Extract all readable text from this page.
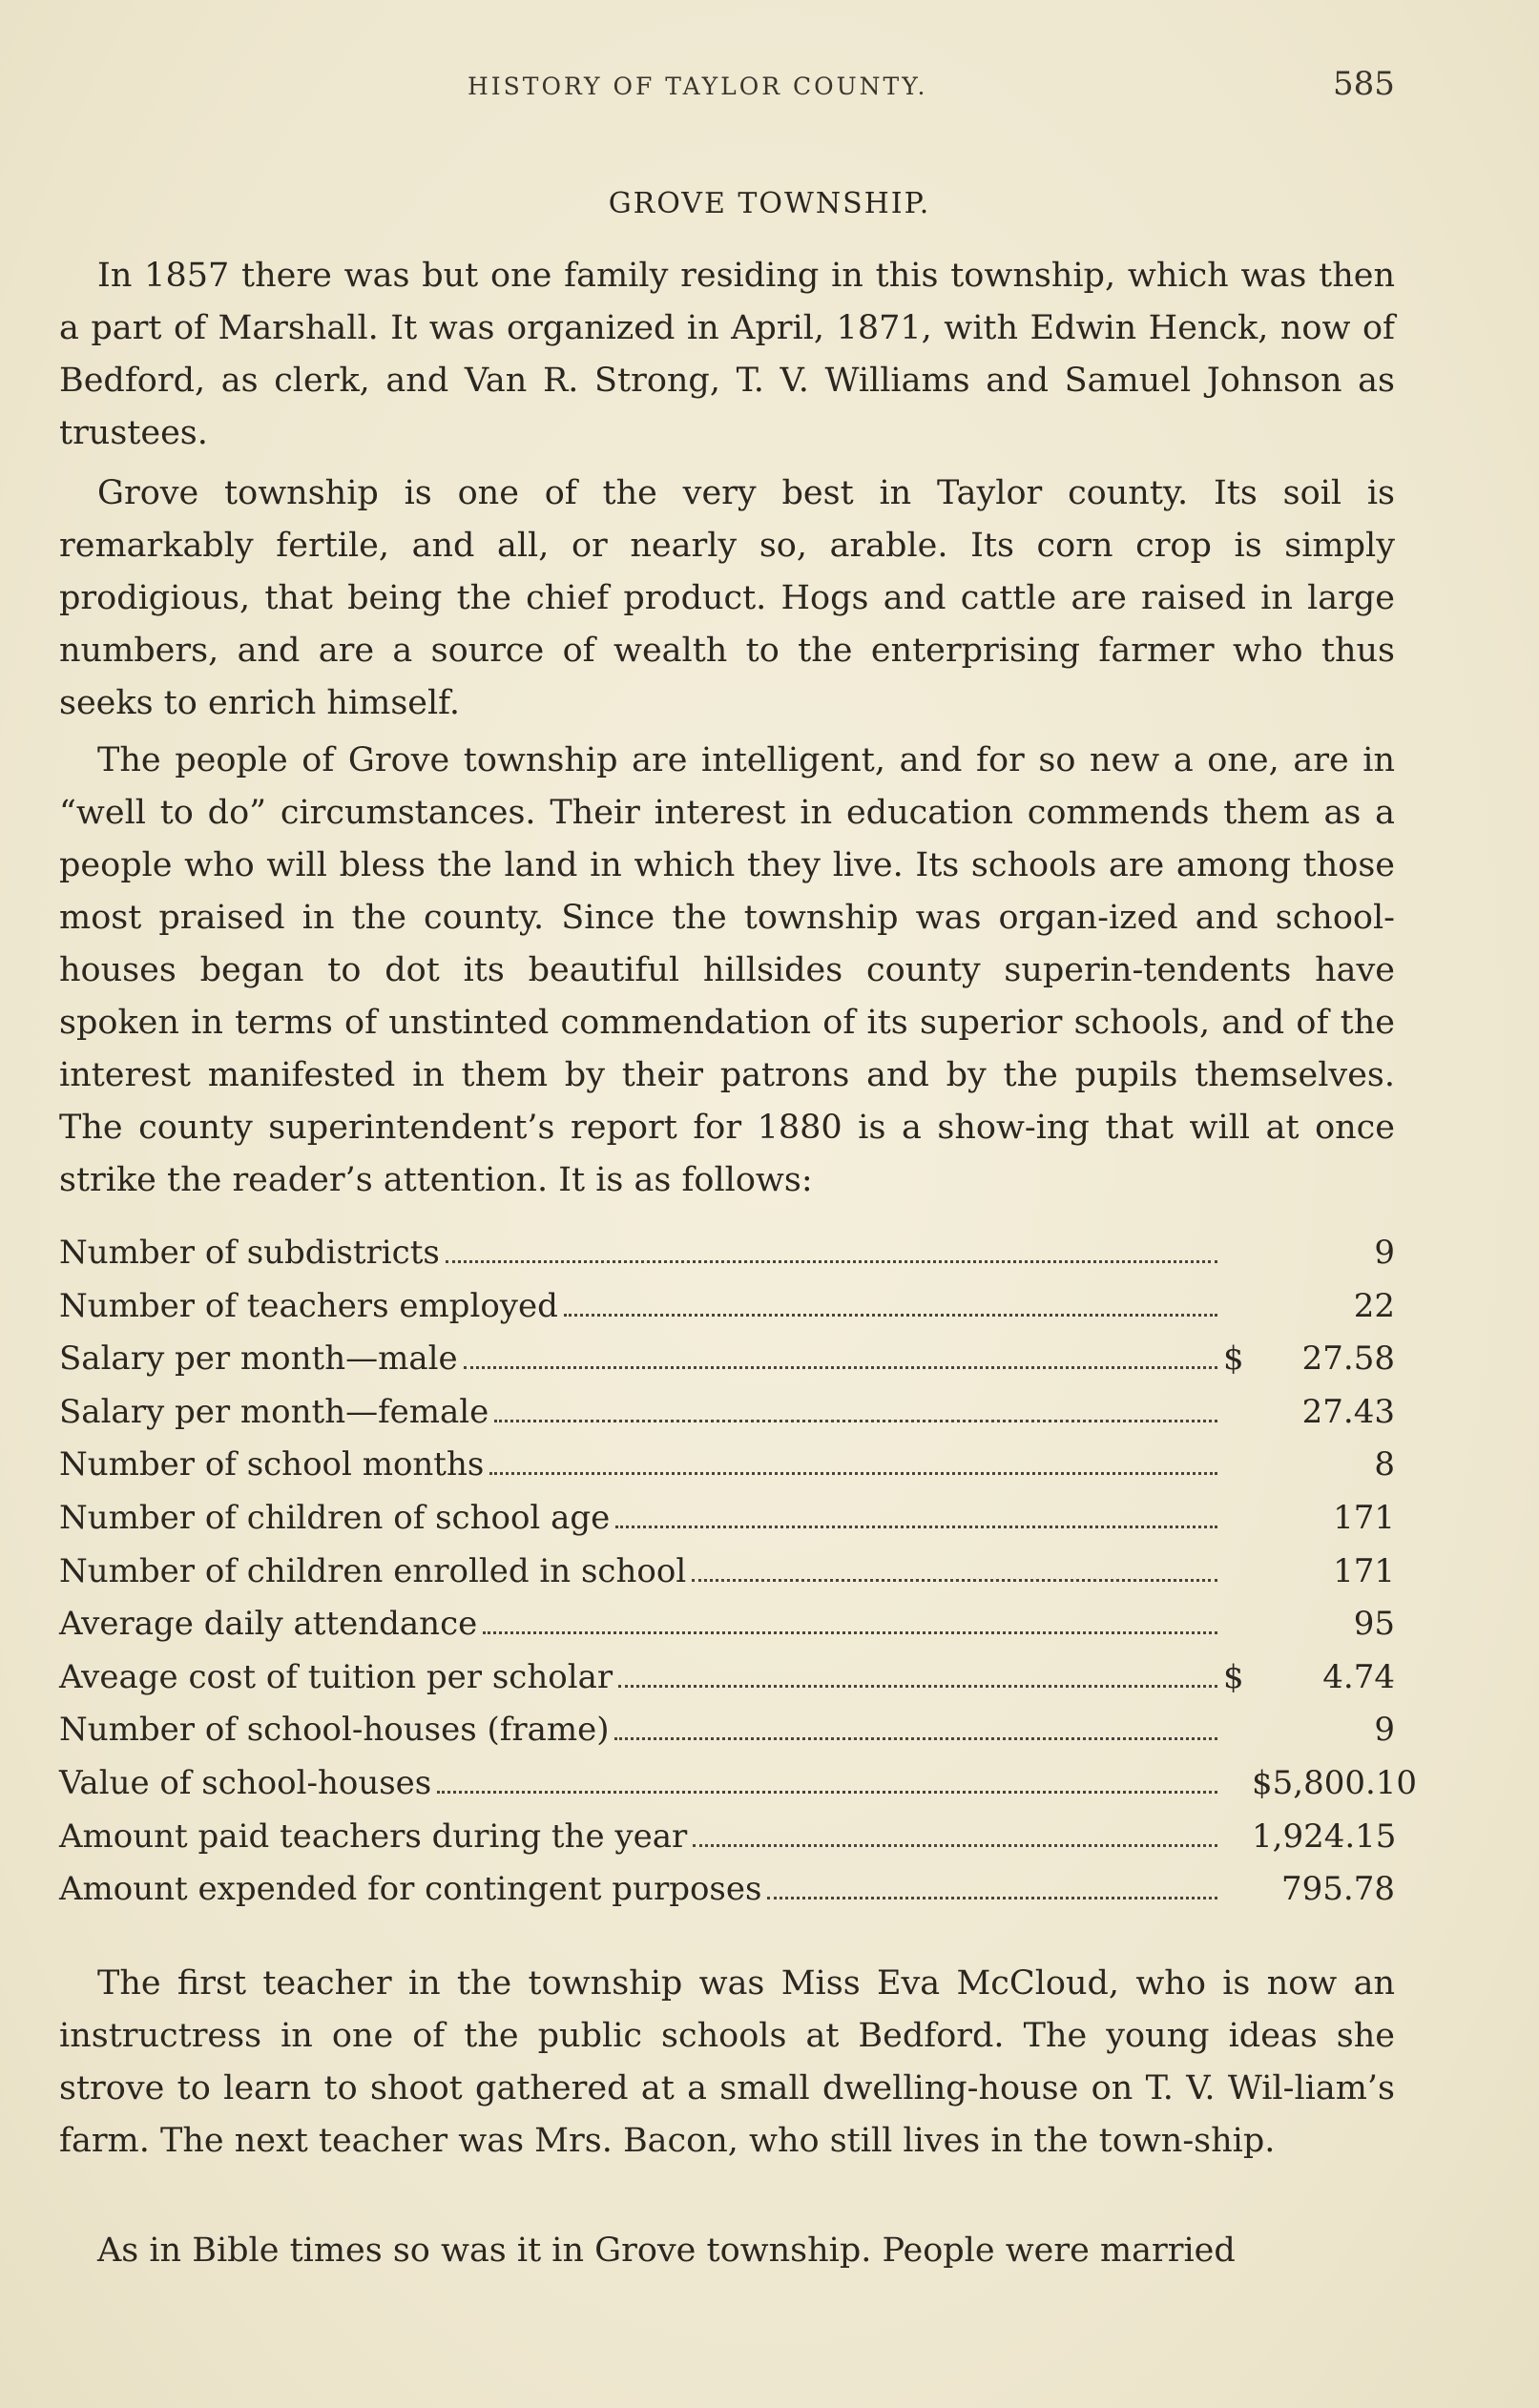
HISTORY OF TAYLOR COUNTY.	585
GROVE TOWNSHIP.

In 1857 there was but one family residing in this township, which was then a part of Marshall. It was organized in April, 1871, with Edwin Henck, now of Bedford, as clerk, and Van R. Strong, T. V. Williams and Samuel Johnson as trustees.

Grove township is one of the very best in Taylor county. Its soil is remarkably fertile, and all, or nearly so, arable. Its corn crop is simply prodigious, that being the chief product. Hogs and cattle are raised in large numbers, and are a source of wealth to the enterprising farmer who thus seeks to enrich himself.

The people of Grove township are intelligent, and for so new a one, are in “well to do” circumstances. Their interest in education commends them as a people who will bless the land in which they live. Its schools are among those most praised in the county. Since the township was organ-ized and school-houses began to dot its beautiful hillsides county superin-tendents have spoken in terms of unstinted commendation of its superior schools, and of the interest manifested in them by their patrons and by the pupils themselves. The county superintendent’s report for 1880 is a show-ing that will at once strike the reader’s attention. It is as follows:

Number of subdistricts	9
Number of teachers employed	22
Salary per month—male	$	27.58
Salary per month—female	27.43
Number of school months	8
Number of children of school age	171
Number of children enrolled in school	171
Average daily attendance	95
Aveage cost of tuition per scholar	$	4.74
Number of school-houses (frame)	9
Value of school-houses	$5,800.10
Amount paid teachers during the year	1,924.15
Amount expended for contingent purposes	795.78

The first teacher in the township was Miss Eva McCloud, who is now an instructress in one of the public schools at Bedford. The young ideas she strove to learn to shoot gathered at a small dwelling-house on T. V. Wil-liam’s farm. The next teacher was Mrs. Bacon, who still lives in the town-ship.

As in Bible times so was it in Grove township. People were married
